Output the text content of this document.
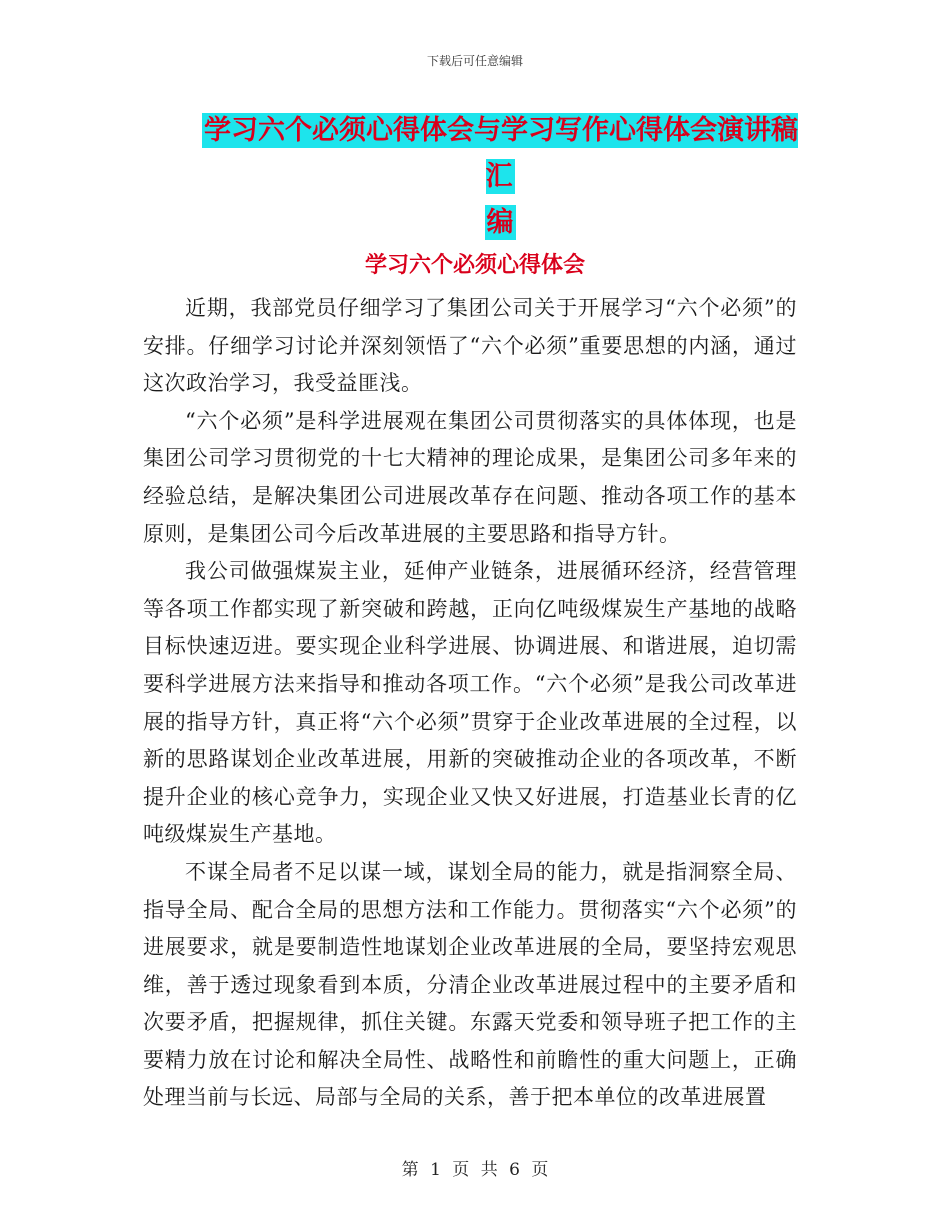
下载后可任意编辑
学习六个必须心得体会与学习写作心得体会演讲稿汇
编
学习六个必须心得体会

近期，我部党员仔细学习了集团公司关于开展学习“六个必须”的安排。仔细学习讨论并深刻领悟了“六个必须”重要思想的内涵，通过这次政治学习，我受益匪浅。

“六个必须”是科学进展观在集团公司贯彻落实的具体体现，也是集团公司学习贯彻党的十七大精神的理论成果，是集团公司多年来的经验总结，是解决集团公司进展改革存在问题、推动各项工作的基本原则，是集团公司今后改革进展的主要思路和指导方针。

我公司做强煤炭主业，延伸产业链条，进展循环经济，经营管理等各项工作都实现了新突破和跨越，正向亿吨级煤炭生产基地的战略目标快速迈进。要实现企业科学进展、协调进展、和谐进展，迫切需要科学进展方法来指导和推动各项工作。“六个必须”是我公司改革进展的指导方针，真正将“六个必须”贯穿于企业改革进展的全过程，以新的思路谋划企业改革进展，用新的突破推动企业的各项改革，不断提升企业的核心竞争力，实现企业又快又好进展，打造基业长青的亿吨级煤炭生产基地。

不谋全局者不足以谋一域，谋划全局的能力，就是指洞察全局、指导全局、配合全局的思想方法和工作能力。贯彻落实“六个必须”的进展要求，就是要制造性地谋划企业改革进展的全局，要坚持宏观思维，善于透过现象看到本质，分清企业改革进展过程中的主要矛盾和次要矛盾，把握规律，抓住关键。东露天党委和领导班子把工作的主要精力放在讨论和解决全局性、战略性和前瞻性的重大问题上，正确处理当前与长远、局部与全局的关系，善于把本单位的改革进展置

第 1 页 共 6 页
